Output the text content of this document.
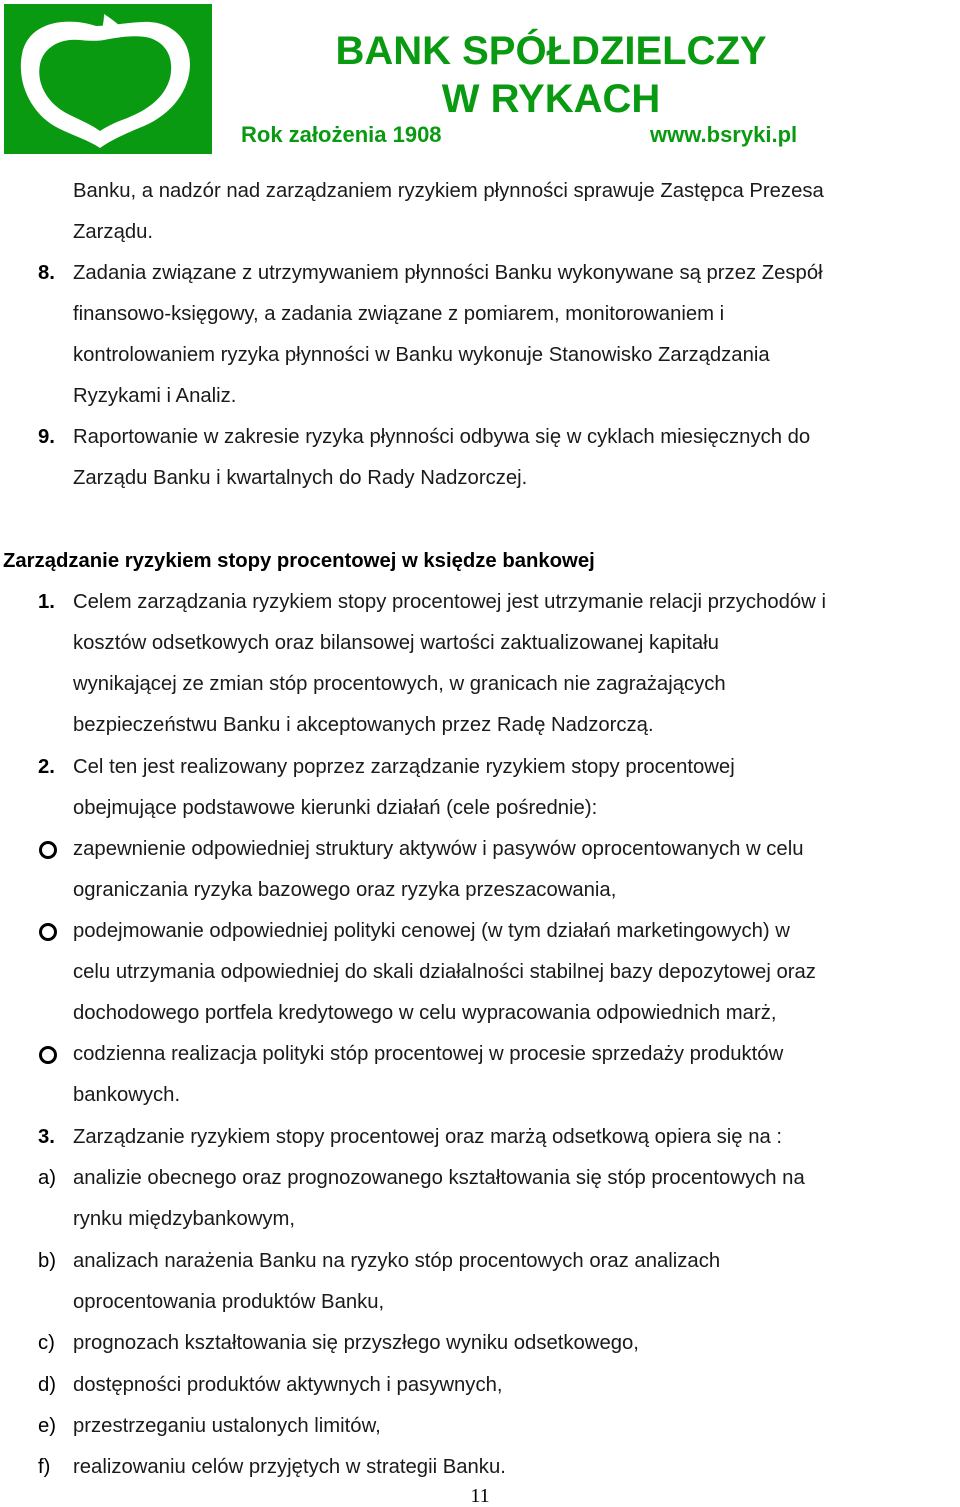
BANK SPÓŁDZIELCZY
W RYKACH
Rok założenia 1908	www.bsryki.pl
Banku, a nadzór nad zarządzaniem ryzykiem płynności sprawuje Zastępca Prezesa
Zarządu.
8. Zadania związane z utrzymywaniem płynności Banku wykonywane są przez Zespół
finansowo-księgowy, a zadania związane z pomiarem, monitorowaniem i
kontrolowaniem ryzyka płynności w Banku wykonuje Stanowisko Zarządzania
Ryzykami i Analiz.
9. Raportowanie w zakresie ryzyka płynności odbywa się w cyklach miesięcznych do
Zarządu Banku i kwartalnych do Rady Nadzorczej.
Zarządzanie ryzykiem stopy procentowej w księdze bankowej
1. Celem zarządzania ryzykiem stopy procentowej jest utrzymanie relacji przychodów i
kosztów odsetkowych oraz bilansowej wartości zaktualizowanej kapitału
wynikającej ze zmian stóp procentowych, w granicach nie zagrażających
bezpieczeństwu Banku i akceptowanych przez Radę Nadzorczą.
2. Cel ten jest realizowany poprzez zarządzanie ryzykiem stopy procentowej
obejmujące podstawowe kierunki działań (cele pośrednie):
zapewnienie odpowiedniej struktury aktywów i pasywów oprocentowanych w celu
ograniczania ryzyka bazowego oraz ryzyka przeszacowania,
podejmowanie odpowiedniej polityki cenowej (w tym działań marketingowych) w
celu utrzymania odpowiedniej do skali działalności stabilnej bazy depozytowej oraz
dochodowego portfela kredytowego w celu wypracowania odpowiednich marż,
codzienna realizacja polityki stóp procentowej w procesie sprzedaży produktów
bankowych.
3. Zarządzanie ryzykiem stopy procentowej oraz marżą odsetkową opiera się na :
a) analizie obecnego oraz prognozowanego kształtowania się stóp procentowych na
rynku międzybankowym,
b) analizach narażenia Banku na ryzyko stóp procentowych oraz analizach
oprocentowania produktów Banku,
c) prognozach kształtowania się przyszłego wyniku odsetkowego,
d) dostępności produktów aktywnych i pasywnych,
e) przestrzeganiu ustalonych limitów,
f) realizowaniu celów przyjętych w strategii Banku.
11
